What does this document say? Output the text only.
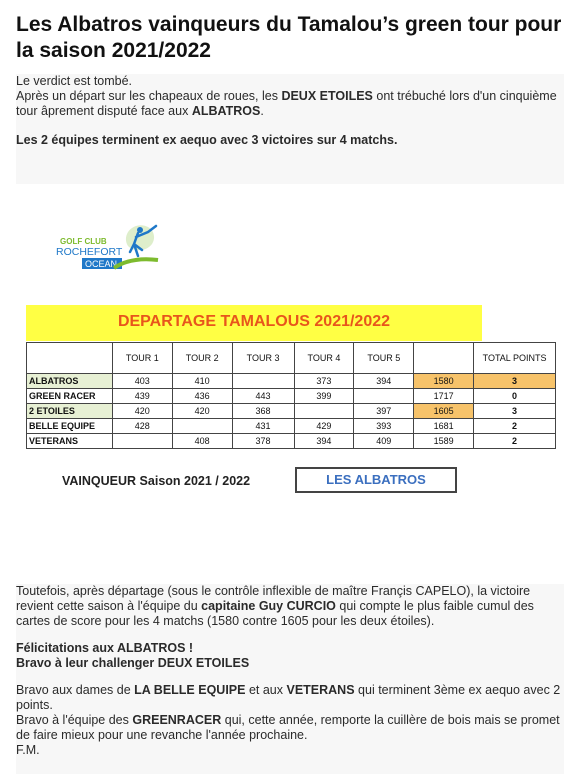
Les Albatros vainqueurs du Tamalou’s green tour pour la saison 2021/2022

Le verdict est tombé.

Après un départ sur les chapeaux de roues, les DEUX ETOILES ont trébuché lors d'un cinquième tour âprement disputé face aux ALBATROS.

Les 2 équipes terminent ex aequo avec 3 victoires sur 4 matchs.

GOLF CLUB
ROCHEFORT
OCEAN
DEPARTAGE TAMALOUS 2021/2022
	TOUR 1	TOUR 2	TOUR 3	TOUR 4	TOUR 5		TOTAL POINTS
ALBATROS	403	410		373	394	1580	3
GREEN RACER	439	436	443	399		1717	0
2 ETOILES	420	420	368		397	1605	3
BELLE EQUIPE	428		431	429	393	1681	2
VETERANS		408	378	394	409	1589	2
VAINQUEUR Saison 2021 / 2022	LES ALBATROS

Toutefois, après départage (sous le contrôle inflexible de maître Françis CAPELO), la victoire revient cette saison à l'équipe du capitaine Guy CURCIO qui compte le plus faible cumul des cartes de score pour les 4 matchs (1580 contre 1605 pour les deux étoiles).

Félicitations aux ALBATROS !

Bravo à leur challenger DEUX ETOILES

Bravo aux dames de LA BELLE EQUIPE et aux VETERANS qui terminent 3ème ex aequo avec 2 points.

Bravo à l'équipe des GREENRACER qui, cette année, remporte la cuillère de bois mais se promet de faire mieux pour une revanche l'année prochaine.

F.M.
